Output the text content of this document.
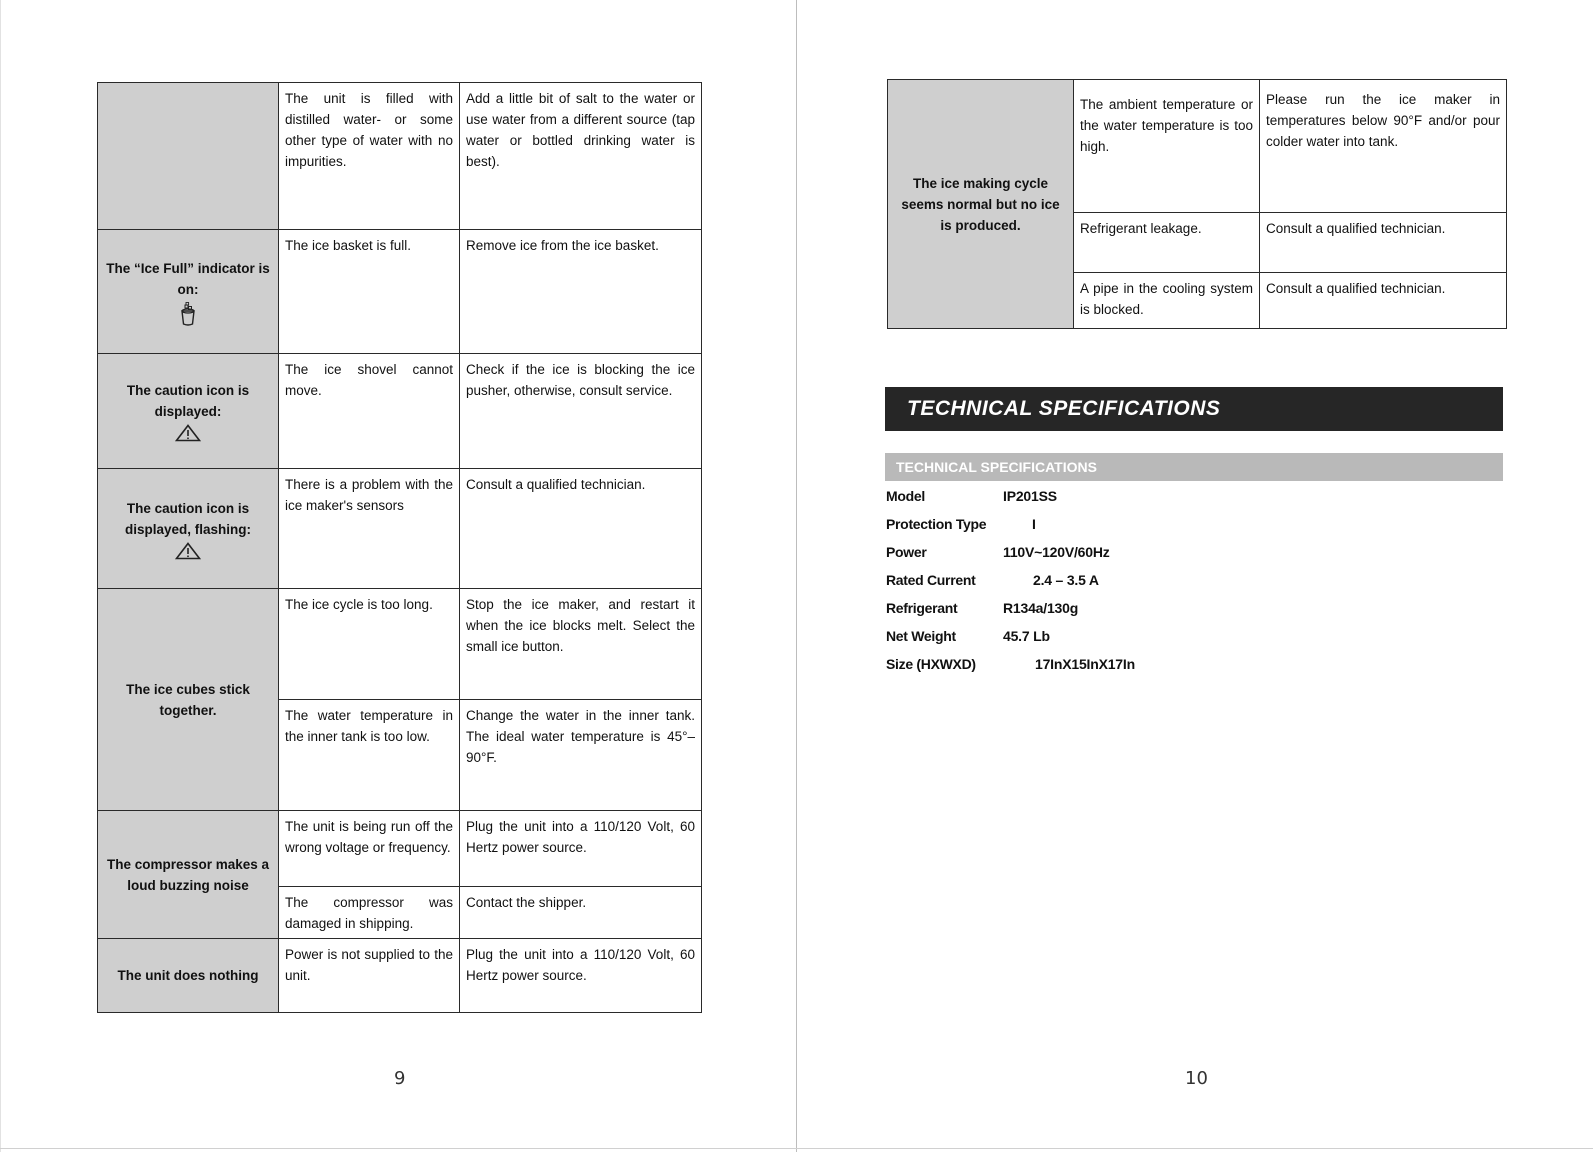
	The unit is filled with distilled water- or some other type of water with no impurities.	Add a little bit of salt to the water or use water from a different source (tap water or bottled drinking water is best).
The “Ice Full” indicator is on:	The ice basket is full.	Remove ice from the ice basket.
The caution icon is displayed:	The ice shovel cannot move.	Check if the ice is blocking the ice pusher, otherwise, consult service.
The caution icon is displayed, flashing:	There is a problem with the ice maker's sensors	Consult a qualified technician.
The ice cubes stick together.	The ice cycle is too long.	Stop the ice maker, and restart it when the ice blocks melt. Select the small ice button.
	The water temperature in the inner tank is too low.	Change the water in the inner tank. The ideal water temperature is 45°–90°F.
The compressor makes a loud buzzing noise	The unit is being run off the wrong voltage or frequency.	Plug the unit into a 110/120 Volt, 60 Hertz power source.
	The compressor was damaged in shipping.	Contact the shipper.
The unit does nothing	Power is not supplied to the unit.	Plug the unit into a 110/120 Volt, 60 Hertz power source.
9
The ice making cycle seems normal but no ice is produced.	The ambient temperature or the water temperature is too high.	Please run the ice maker in temperatures below 90°F and/or pour colder water into tank.
	Refrigerant leakage.	Consult a qualified technician.
	A pipe in the cooling system is blocked.	Consult a qualified technician.
TECHNICAL SPECIFICATIONS
TECHNICAL SPECIFICATIONS
Model	IP201SS
Protection Type	I
Power	110V~120V/60Hz
Rated Current	2.4 – 3.5 A
Refrigerant	R134a/130g
Net Weight	45.7 Lb
Size (HXWXD)	17InX15InX17In
10
